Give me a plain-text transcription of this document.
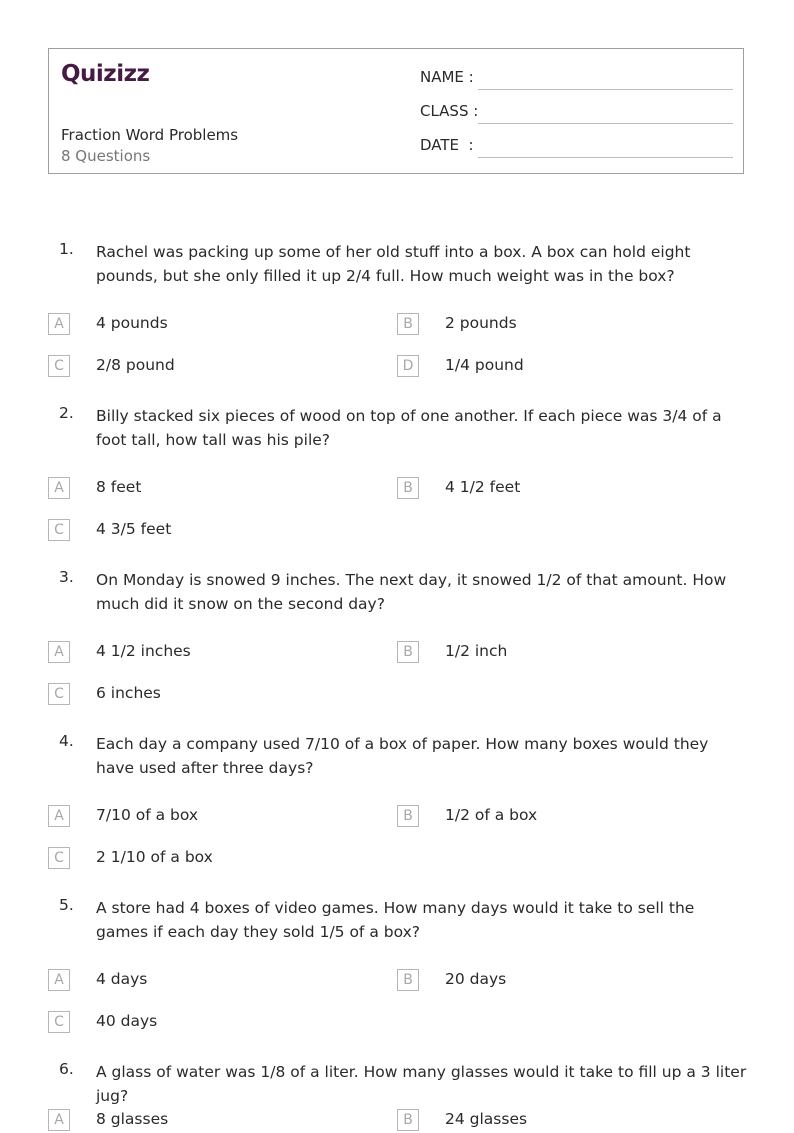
Quizizz
Fraction Word Problems
8 Questions
NAME :
CLASS :
DATE  :
1. Rachel was packing up some of her old stuff into a box. A box can hold eight pounds, but she only filled it up 2/4 full. How much weight was in the box?
A	4 pounds	B	2 pounds
C	2/8 pound	D	1/4 pound
2. Billy stacked six pieces of wood on top of one another. If each piece was 3/4 of a foot tall, how tall was his pile?
A	8 feet	B	4 1/2 feet
C	4 3/5 feet
3. On Monday is snowed 9 inches. The next day, it snowed 1/2 of that amount. How much did it snow on the second day?
A	4 1/2 inches	B	1/2 inch
C	6 inches
4. Each day a company used 7/10 of a box of paper. How many boxes would they have used after three days?
A	7/10 of a box	B	1/2 of a box
C	2 1/10 of a box
5. A store had 4 boxes of video games. How many days would it take to sell the games if each day they sold 1/5 of a box?
A	4 days	B	20 days
C	40 days
6. A glass of water was 1/8 of a liter. How many glasses would it take to fill up a 3 liter jug?
A	8 glasses	B	24 glasses
